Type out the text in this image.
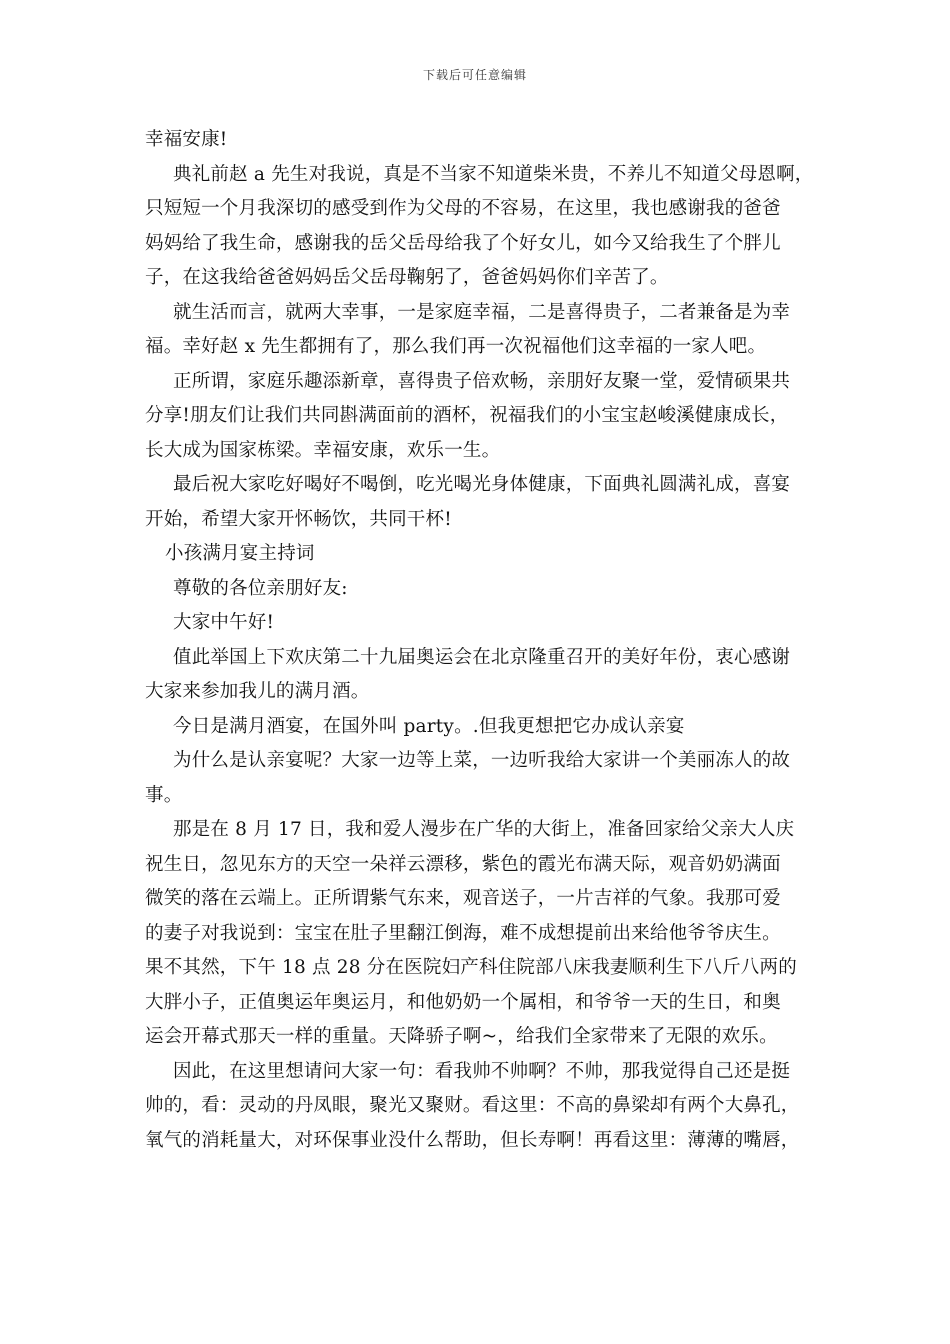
下载后可任意编辑
幸福安康!
典礼前赵 a 先生对我说，真是不当家不知道柴米贵，不养儿不知道父母恩啊，
只短短一个月我深切的感受到作为父母的不容易，在这里，我也感谢我的爸爸
妈妈给了我生命，感谢我的岳父岳母给我了个好女儿，如今又给我生了个胖儿
子，在这我给爸爸妈妈岳父岳母鞠躬了，爸爸妈妈你们辛苦了。
就生活而言，就两大幸事，一是家庭幸福，二是喜得贵子，二者兼备是为幸
福。幸好赵 x 先生都拥有了，那么我们再一次祝福他们这幸福的一家人吧。
正所谓，家庭乐趣添新章，喜得贵子倍欢畅，亲朋好友聚一堂，爱情硕果共
分享!朋友们让我们共同斟满面前的酒杯，祝福我们的小宝宝赵峻溪健康成长，
长大成为国家栋梁。幸福安康，欢乐一生。
最后祝大家吃好喝好不喝倒，吃光喝光身体健康，下面典礼圆满礼成，喜宴
开始，希望大家开怀畅饮，共同干杯!
小孩满月宴主持词
尊敬的各位亲朋好友:
大家中午好!
值此举国上下欢庆第二十九届奥运会在北京隆重召开的美好年份，衷心感谢
大家来参加我儿的满月酒。
今日是满月酒宴，在国外叫 party。.但我更想把它办成认亲宴
为什么是认亲宴呢？大家一边等上菜，一边听我给大家讲一个美丽冻人的故
事。
那是在 8 月 17 日，我和爱人漫步在广华的大街上，准备回家给父亲大人庆
祝生日，忽见东方的天空一朵祥云漂移，紫色的霞光布满天际，观音奶奶满面
微笑的落在云端上。正所谓紫气东来，观音送子，一片吉祥的气象。我那可爱
的妻子对我说到：宝宝在肚子里翻江倒海，难不成想提前出来给他爷爷庆生。
果不其然，下午 18 点 28 分在医院妇产科住院部八床我妻顺利生下八斤八两的
大胖小子，正值奥运年奥运月，和他奶奶一个属相，和爷爷一天的生日，和奥
运会开幕式那天一样的重量。天降骄子啊~，给我们全家带来了无限的欢乐。
因此，在这里想请问大家一句：看我帅不帅啊？不帅，那我觉得自己还是挺
帅的，看：灵动的丹凤眼，聚光又聚财。看这里：不高的鼻梁却有两个大鼻孔，
氧气的消耗量大，对环保事业没什么帮助，但长寿啊！再看这里：薄薄的嘴唇，
